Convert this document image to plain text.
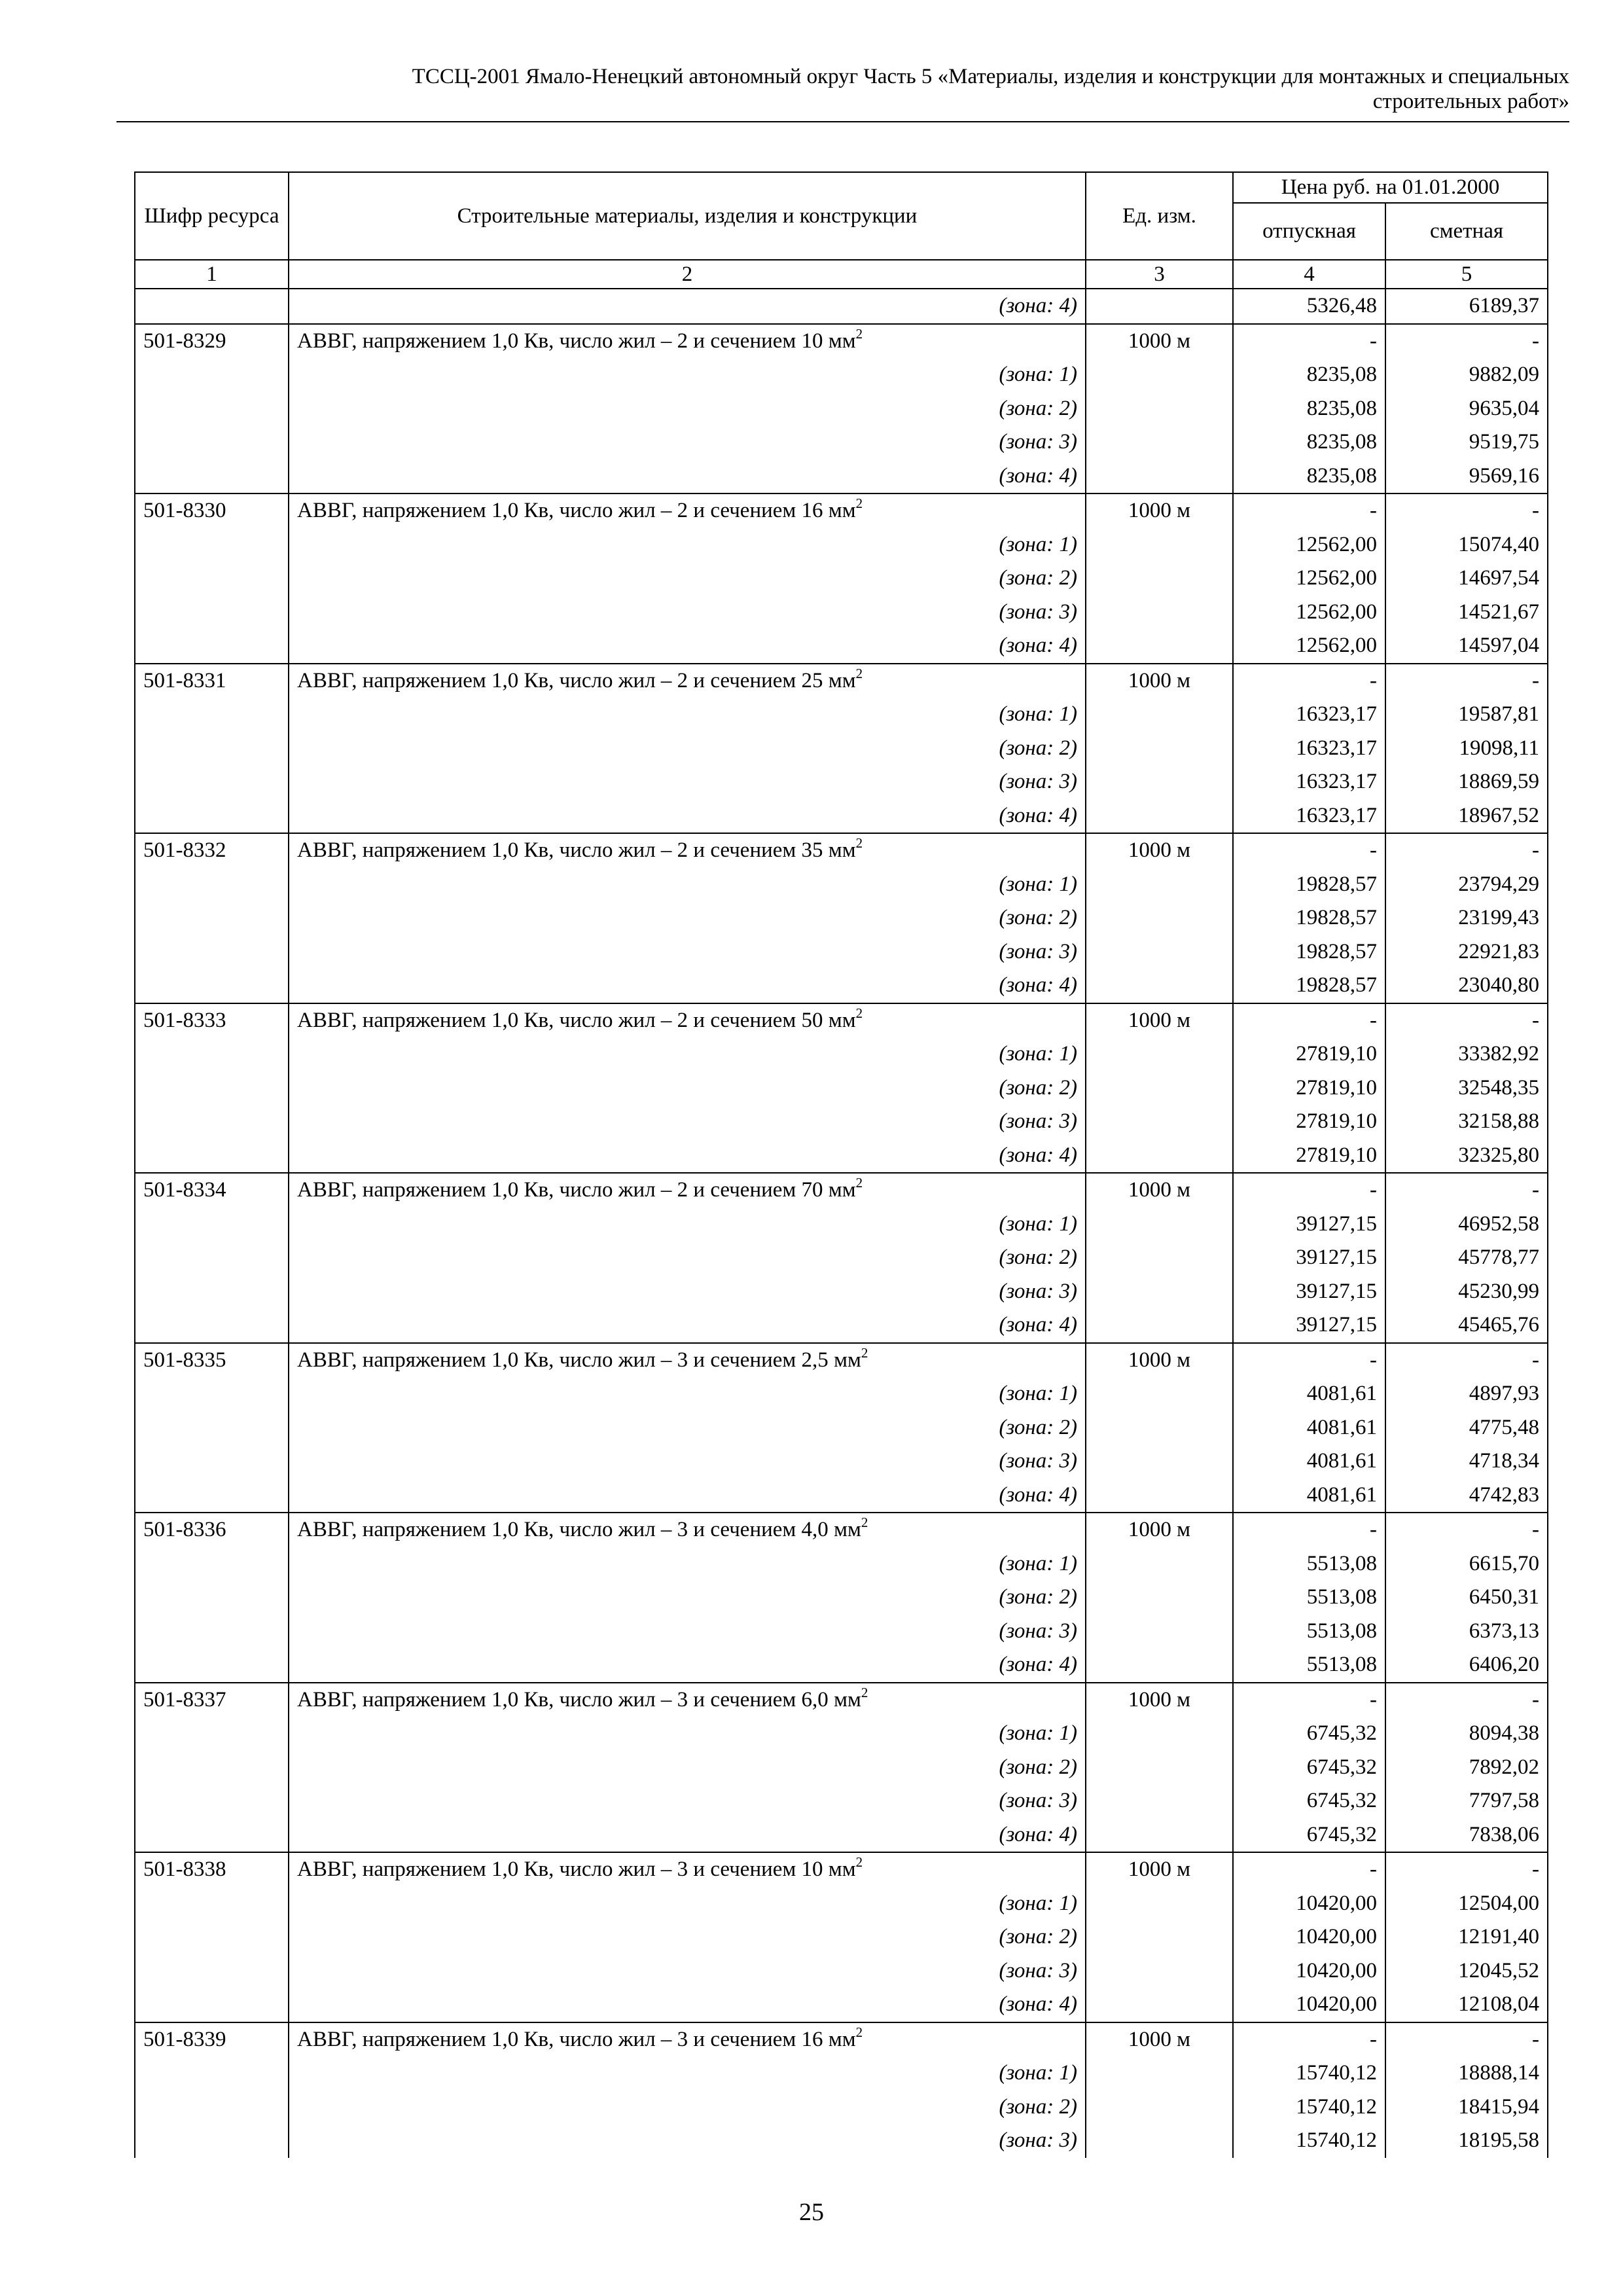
ТССЦ-2001 Ямало-Ненецкий автономный округ Часть 5 «Материалы, изделия и конструкции для монтажных и специальных
строительных работ»
Шифр ресурса	Строительные материалы, изделия и конструкции	Ед. изм.	Цена руб. на 01.01.2000	
			отпускная	сметная
1	2	3	4	5
	(зона: 4)		5326,48	6189,37
501-8329	АВВГ, напряжением 1,0 Кв, число жил – 2 и сечением 10 $мм^2$	1000 м	-	-
	(зона: 1)		8235,08	9882,09
	(зона: 2)		8235,08	9635,04
	(зона: 3)		8235,08	9519,75
	(зона: 4)		8235,08	9569,16
501-8330	АВВГ, напряжением 1,0 Кв, число жил – 2 и сечением 16 $мм^2$	1000 м	-	-
	(зона: 1)		12562,00	15074,40
	(зона: 2)		12562,00	14697,54
	(зона: 3)		12562,00	14521,67
	(зона: 4)		12562,00	14597,04
501-8331	АВВГ, напряжением 1,0 Кв, число жил – 2 и сечением 25 $мм^2$	1000 м	-	-
	(зона: 1)		16323,17	19587,81
	(зона: 2)		16323,17	19098,11
	(зона: 3)		16323,17	18869,59
	(зона: 4)		16323,17	18967,52
501-8332	АВВГ, напряжением 1,0 Кв, число жил – 2 и сечением 35 $мм^2$	1000 м	-	-
	(зона: 1)		19828,57	23794,29
	(зона: 2)		19828,57	23199,43
	(зона: 3)		19828,57	22921,83
	(зона: 4)		19828,57	23040,80
501-8333	АВВГ, напряжением 1,0 Кв, число жил – 2 и сечением 50 $мм^2$	1000 м	-	-
	(зона: 1)		27819,10	33382,92
	(зона: 2)		27819,10	32548,35
	(зона: 3)		27819,10	32158,88
	(зона: 4)		27819,10	32325,80
501-8334	АВВГ, напряжением 1,0 Кв, число жил – 2 и сечением 70 $мм^2$	1000 м	-	-
	(зона: 1)		39127,15	46952,58
	(зона: 2)		39127,15	45778,77
	(зона: 3)		39127,15	45230,99
	(зона: 4)		39127,15	45465,76
501-8335	АВВГ, напряжением 1,0 Кв, число жил – 3 и сечением 2,5 $мм^2$	1000 м	-	-
	(зона: 1)		4081,61	4897,93
	(зона: 2)		4081,61	4775,48
	(зона: 3)		4081,61	4718,34
	(зона: 4)		4081,61	4742,83
501-8336	АВВГ, напряжением 1,0 Кв, число жил – 3 и сечением 4,0 $мм^2$	1000 м	-	-
	(зона: 1)		5513,08	6615,70
	(зона: 2)		5513,08	6450,31
	(зона: 3)		5513,08	6373,13
	(зона: 4)		5513,08	6406,20
501-8337	АВВГ, напряжением 1,0 Кв, число жил – 3 и сечением 6,0 $мм^2$	1000 м	-	-
	(зона: 1)		6745,32	8094,38
	(зона: 2)		6745,32	7892,02
	(зона: 3)		6745,32	7797,58
	(зона: 4)		6745,32	7838,06
501-8338	АВВГ, напряжением 1,0 Кв, число жил – 3 и сечением 10 $мм^2$	1000 м	-	-
	(зона: 1)		10420,00	12504,00
	(зона: 2)		10420,00	12191,40
	(зона: 3)		10420,00	12045,52
	(зона: 4)		10420,00	12108,04
501-8339	АВВГ, напряжением 1,0 Кв, число жил – 3 и сечением 16 $мм^2$	1000 м	-	-
	(зона: 1)		15740,12	18888,14
	(зона: 2)		15740,12	18415,94
	(зона: 3)		15740,12	18195,58
25
